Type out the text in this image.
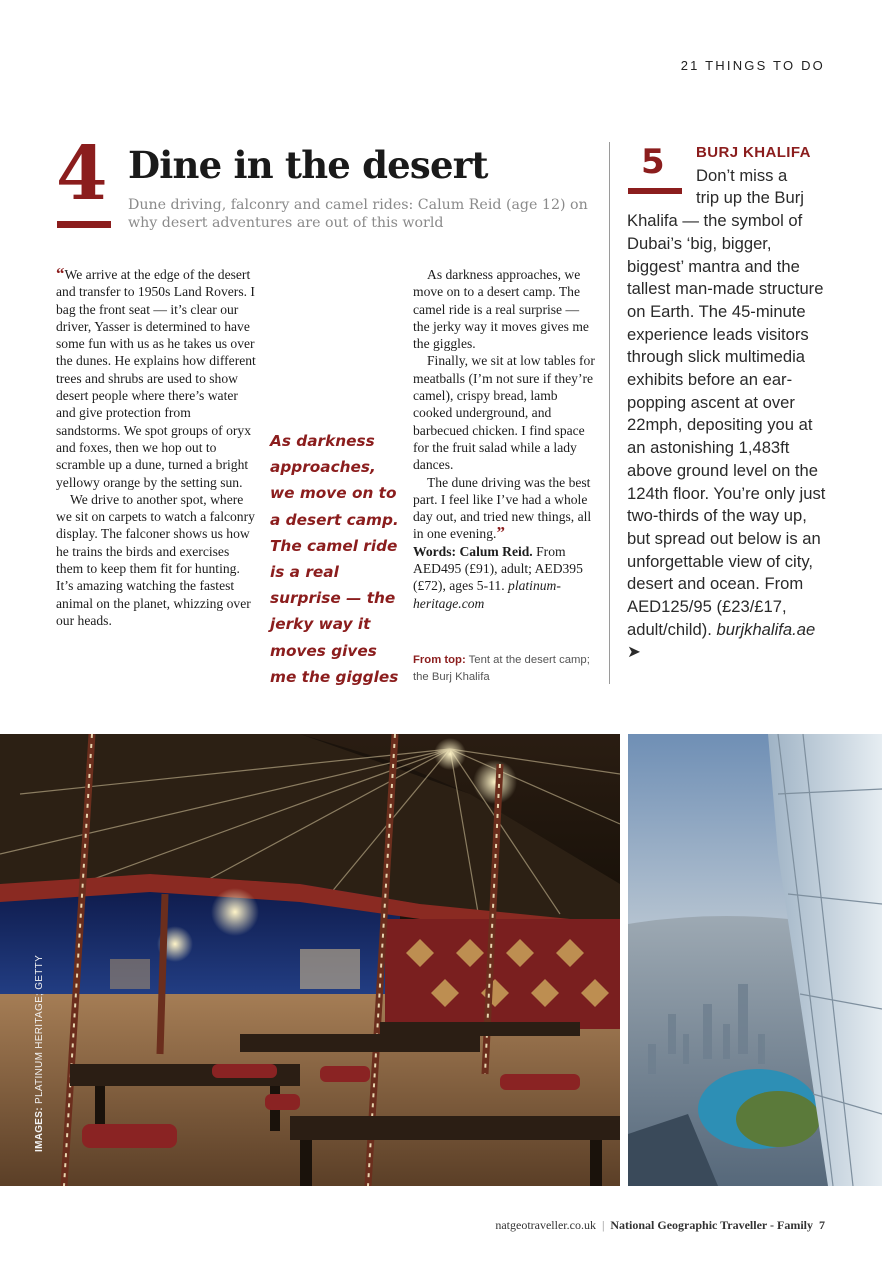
21 THINGS TO DO
4 Dine in the desert
Dune driving, falconry and camel rides: Calum Reid (age 12) on why desert adventures are out of this world

“We arrive at the edge of the desert and transfer to 1950s Land Rovers. I bag the front seat — it’s clear our driver, Yasser is determined to have some fun with us as he takes us over the dunes. He explains how different trees and shrubs are used to show desert people where there’s water and give protection from sandstorms. We spot groups of oryx and foxes, then we hop out to scramble up a dune, turned a bright yellowy orange by the setting sun.

We drive to another spot, where we sit on carpets to watch a falconry display. The falconer shows us how he trains the birds and exercises them to keep them fit for hunting. It’s amazing watching the fastest animal on the planet, whizzing over our heads.

As darkness approaches, we move on to a desert camp. The camel ride is a real surprise — the jerky way it moves gives me the giggles

As darkness approaches, we move on to a desert camp. The camel ride is a real surprise — the jerky way it moves gives me the giggles.

Finally, we sit at low tables for meatballs (I’m not sure if they’re camel), crispy bread, lamb cooked underground, and barbecued chicken. I find space for the fruit salad while a lady dances.

The dune driving was the best part. I feel like I’ve had a whole day out, and tried new things, all in one evening.”

Words: Calum Reid. From AED495 (£91), adult; AED395 (£72), ages 5-11. platinum-heritage.com

From top: Tent at the desert camp; the Burj Khalifa
5	BURJ KHALIFA
Don’t miss a
trip up the Burj
Khalifa — the symbol of Dubai’s ‘big, bigger, biggest’ mantra and the tallest man-made structure on Earth. The 45-minute experience leads visitors through slick multimedia exhibits before an ear-popping ascent at over 22mph, depositing you at an astonishing 1,483ft above ground level on the 124th floor. You’re only just two-thirds of the way up, but spread out below is an unforgettable view of city, desert and ocean. From AED125/95 (£23/£17, adult/child). burjkhalifa.ae ➤
IMAGES: PLATINUM HERITAGE; GETTY
natgeotraveller.co.uk | National Geographic Traveller - Family 7
